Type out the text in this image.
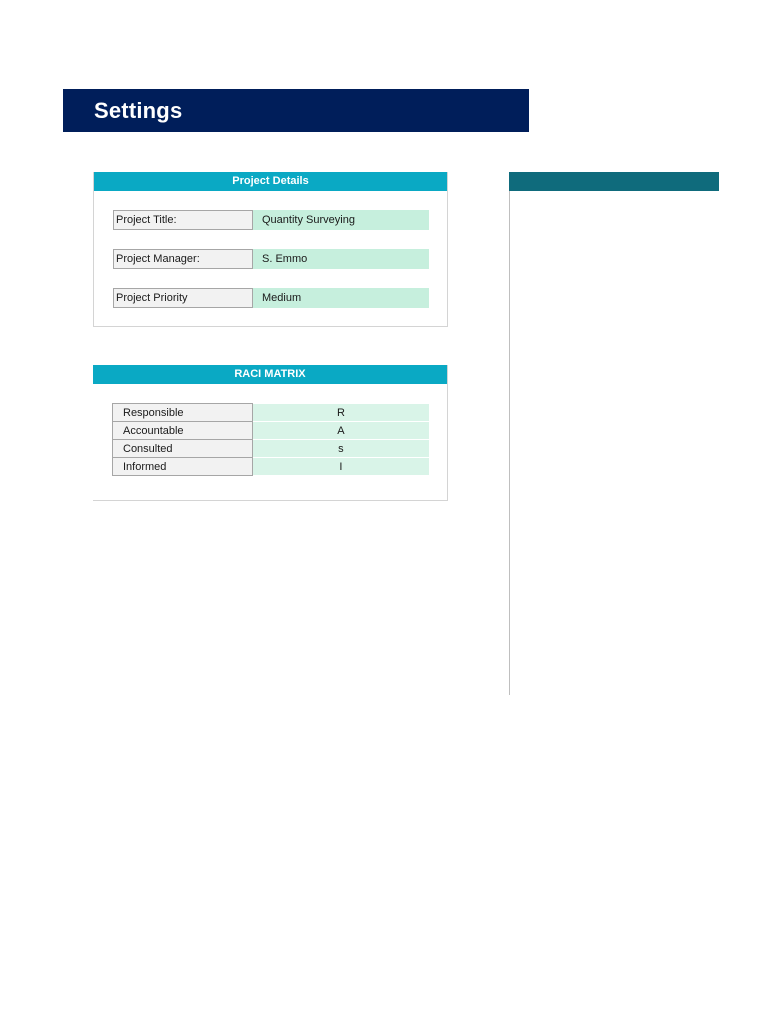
Settings
Project Details
Project Title:	Quantity Surveying
Project Manager:	S. Emmo
Project Priority	Medium
RACI MATRIX
Responsible	R
Accountable	A
Consulted	s
Informed	I
